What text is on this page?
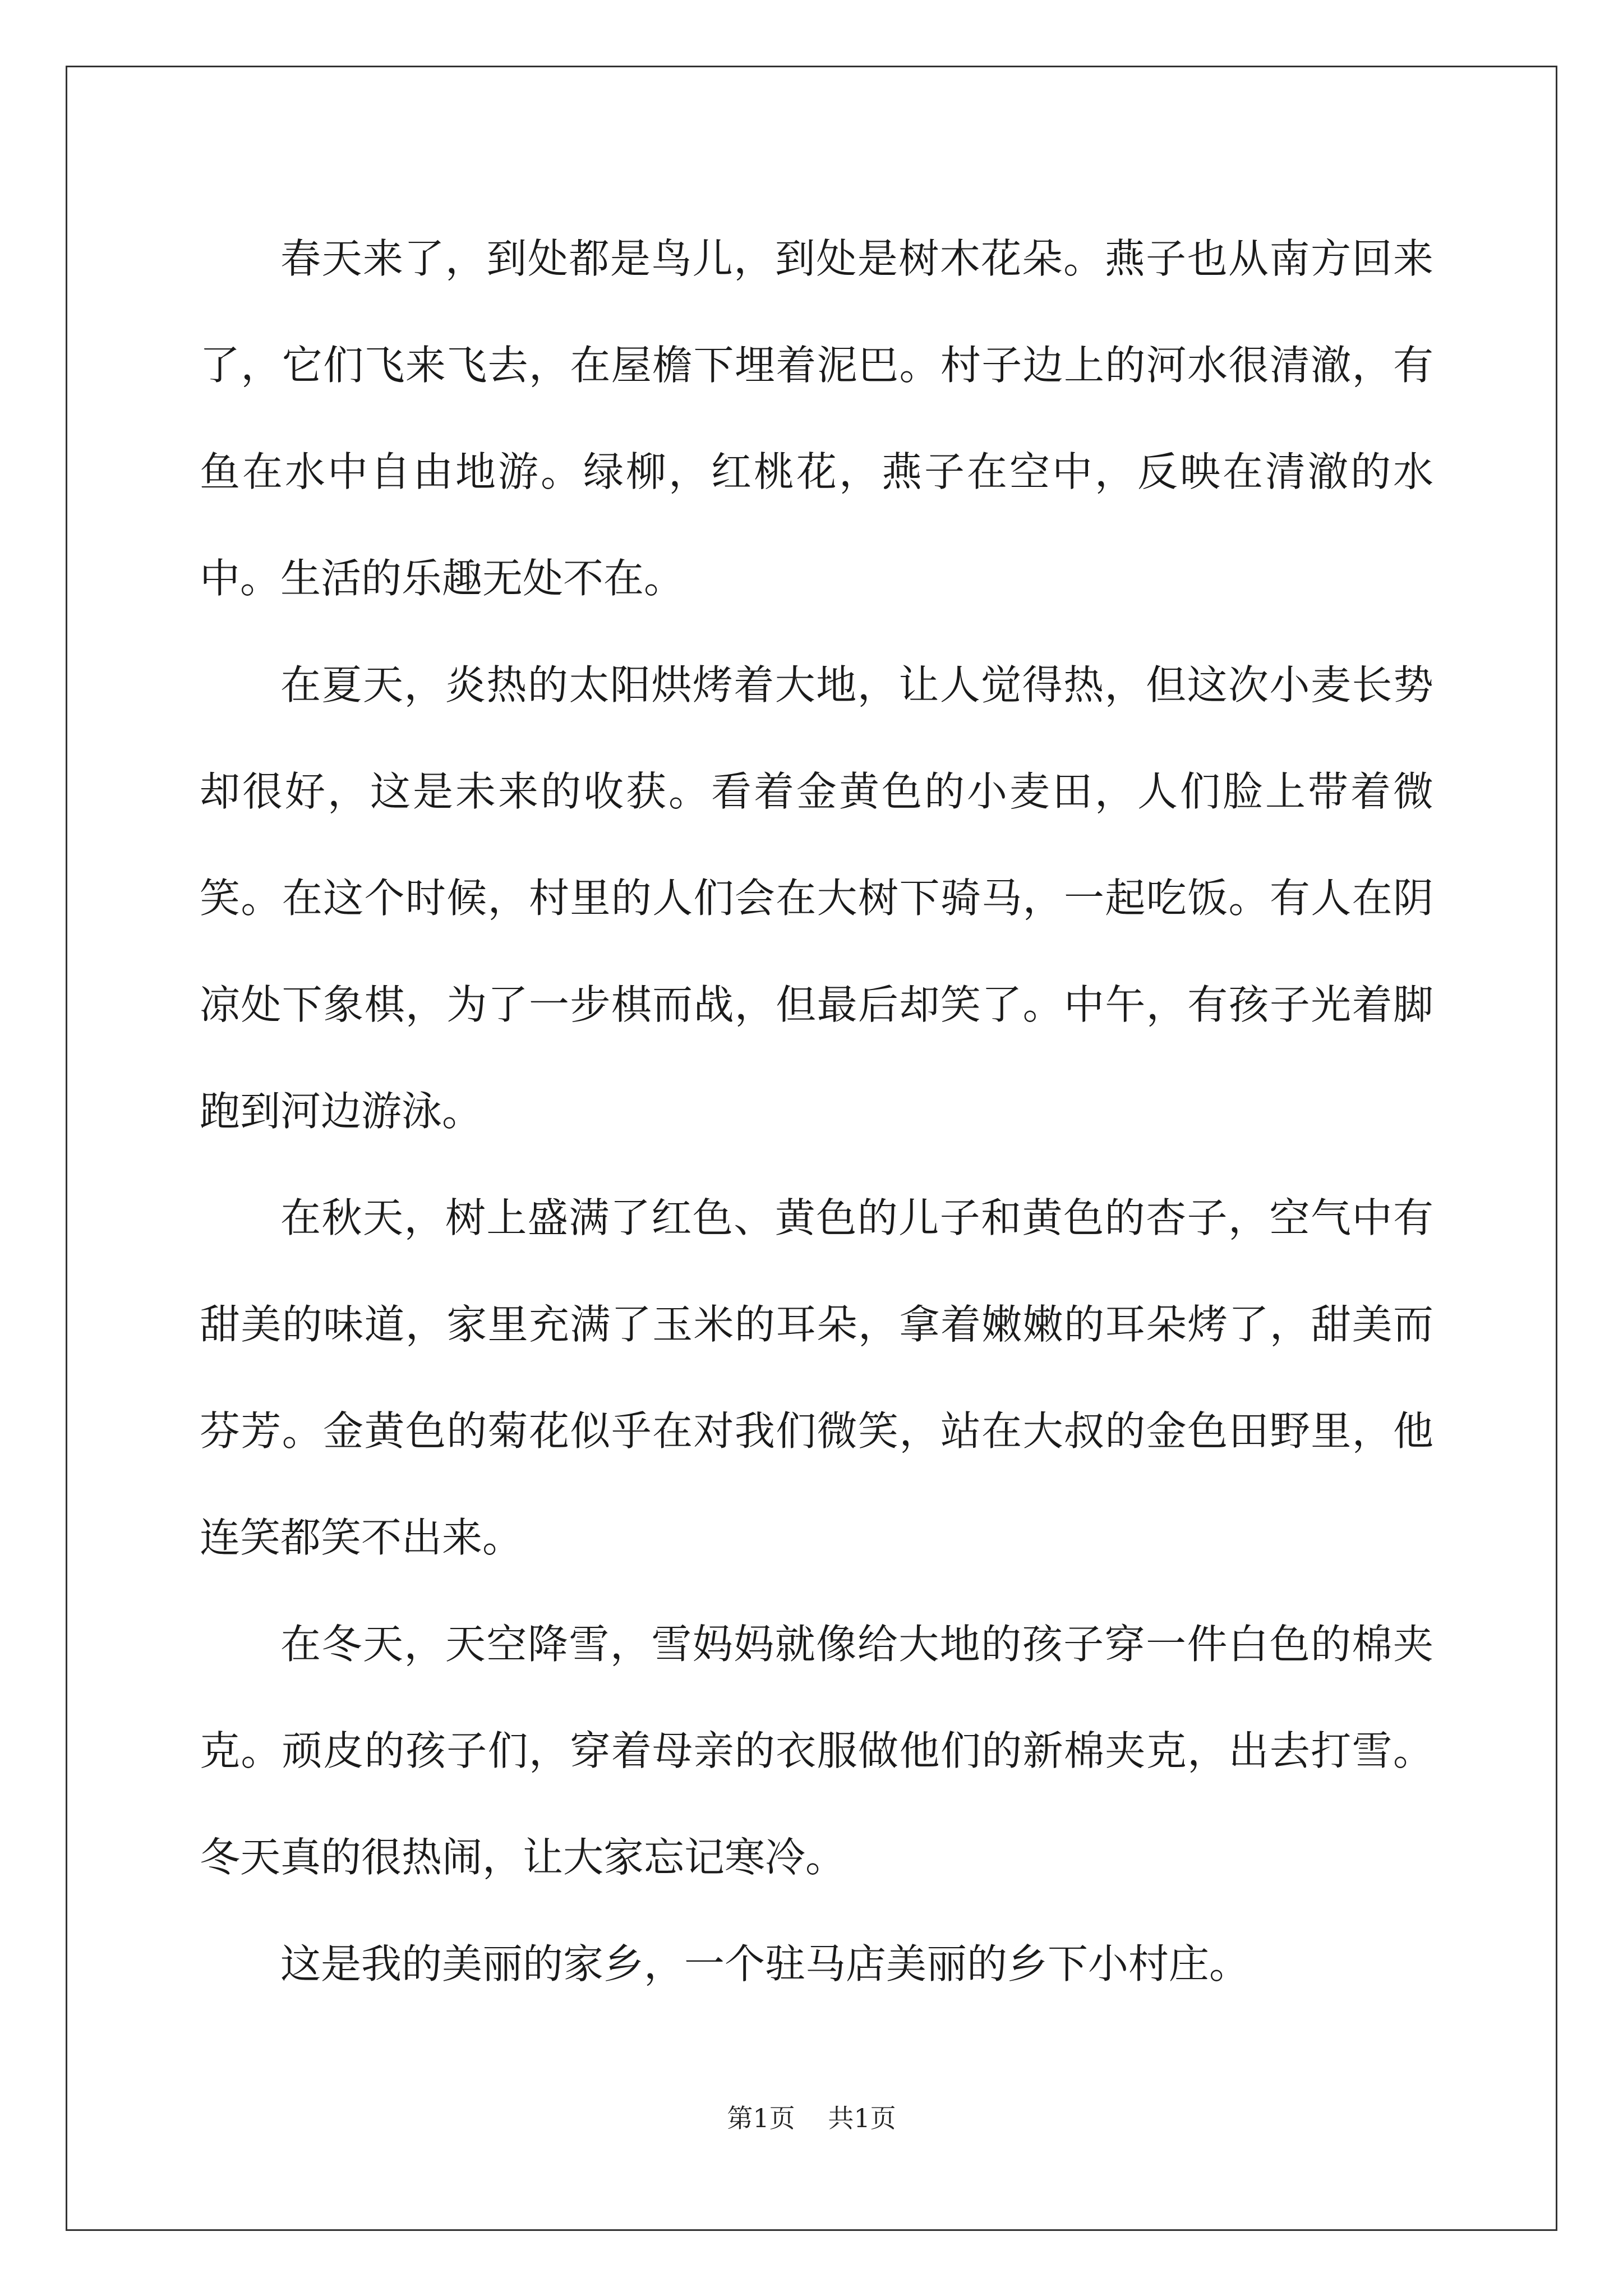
春天来了，到处都是鸟儿，到处是树木花朵。燕子也从南方回来了，它们飞来飞去，在屋檐下埋着泥巴。村子边上的河水很清澈，有鱼在水中自由地游。绿柳，红桃花，燕子在空中，反映在清澈的水中。生活的乐趣无处不在。

在夏天，炎热的太阳烘烤着大地，让人觉得热，但这次小麦长势却很好，这是未来的收获。看着金黄色的小麦田，人们脸上带着微笑。在这个时候，村里的人们会在大树下骑马，一起吃饭。有人在阴凉处下象棋，为了一步棋而战，但最后却笑了。中午，有孩子光着脚跑到河边游泳。

在秋天，树上盛满了红色、黄色的儿子和黄色的杏子，空气中有甜美的味道，家里充满了玉米的耳朵，拿着嫩嫩的耳朵烤了，甜美而芬芳。金黄色的菊花似乎在对我们微笑，站在大叔的金色田野里，他连笑都笑不出来。

在冬天，天空降雪，雪妈妈就像给大地的孩子穿一件白色的棉夹克。顽皮的孩子们，穿着母亲的衣服做他们的新棉夹克，出去打雪。冬天真的很热闹，让大家忘记寒冷。

这是我的美丽的家乡，一个驻马店美丽的乡下小村庄。

第1页 共1页
